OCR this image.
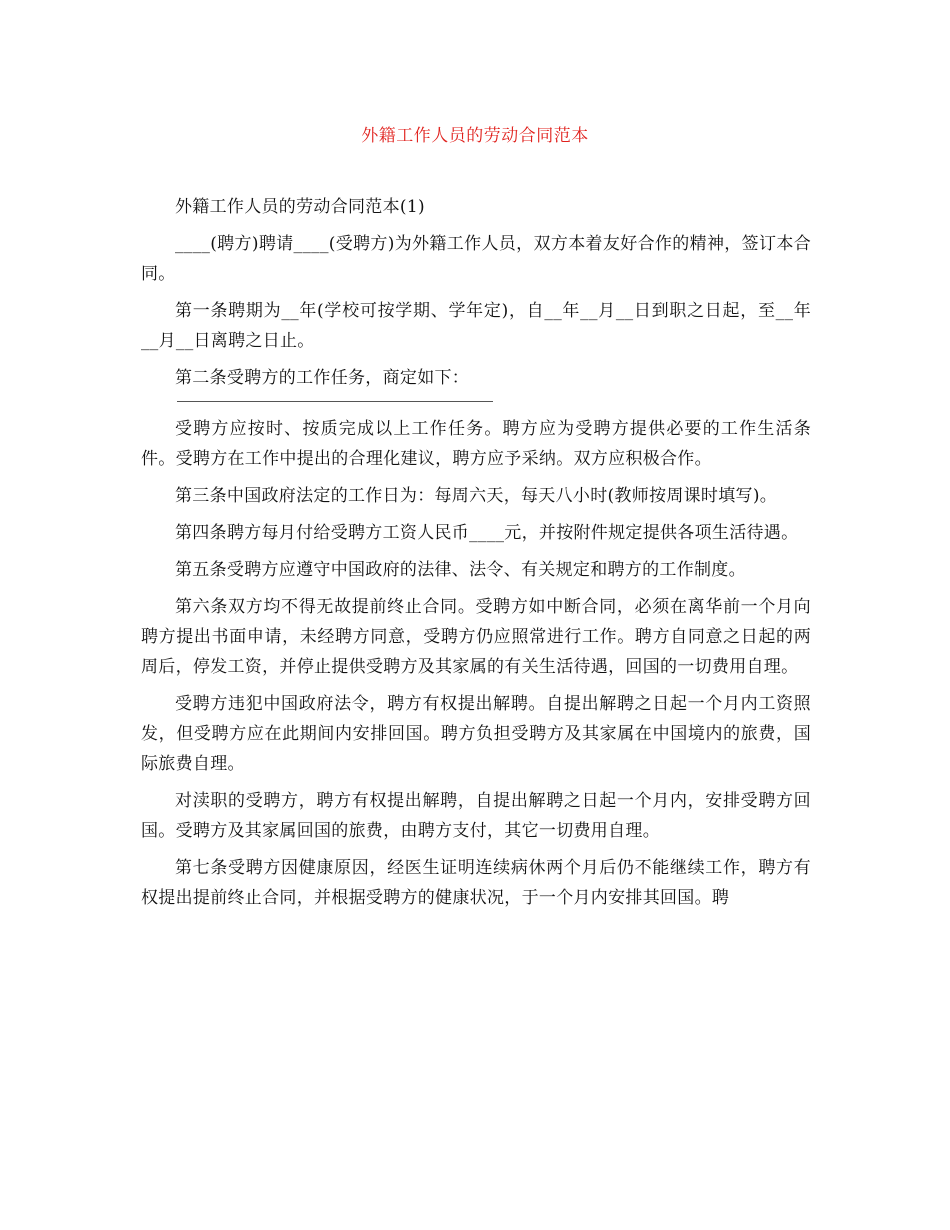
外籍工作人员的劳动合同范本

外籍工作人员的劳动合同范本(1)

____(聘方)聘请____(受聘方)为外籍工作人员，双方本着友好合作的精神，签订本合同。

第一条聘期为__年(学校可按学期、学年定)，自__年__月__日到职之日起，至__年__月__日离聘之日止。

第二条受聘方的工作任务，商定如下：

受聘方应按时、按质完成以上工作任务。聘方应为受聘方提供必要的工作生活条件。受聘方在工作中提出的合理化建议，聘方应予采纳。双方应积极合作。

第三条中国政府法定的工作日为：每周六天，每天八小时(教师按周课时填写)。

第四条聘方每月付给受聘方工资人民币____元，并按附件规定提供各项生活待遇。

第五条受聘方应遵守中国政府的法律、法令、有关规定和聘方的工作制度。

第六条双方均不得无故提前终止合同。受聘方如中断合同，必须在离华前一个月向聘方提出书面申请，未经聘方同意，受聘方仍应照常进行工作。聘方自同意之日起的两周后，停发工资，并停止提供受聘方及其家属的有关生活待遇，回国的一切费用自理。

受聘方违犯中国政府法令，聘方有权提出解聘。自提出解聘之日起一个月内工资照发，但受聘方应在此期间内安排回国。聘方负担受聘方及其家属在中国境内的旅费，国际旅费自理。

对渎职的受聘方，聘方有权提出解聘，自提出解聘之日起一个月内，安排受聘方回国。受聘方及其家属回国的旅费，由聘方支付，其它一切费用自理。

第七条受聘方因健康原因，经医生证明连续病休两个月后仍不能继续工作，聘方有权提出提前终止合同，并根据受聘方的健康状况，于一个月内安排其回国。聘
